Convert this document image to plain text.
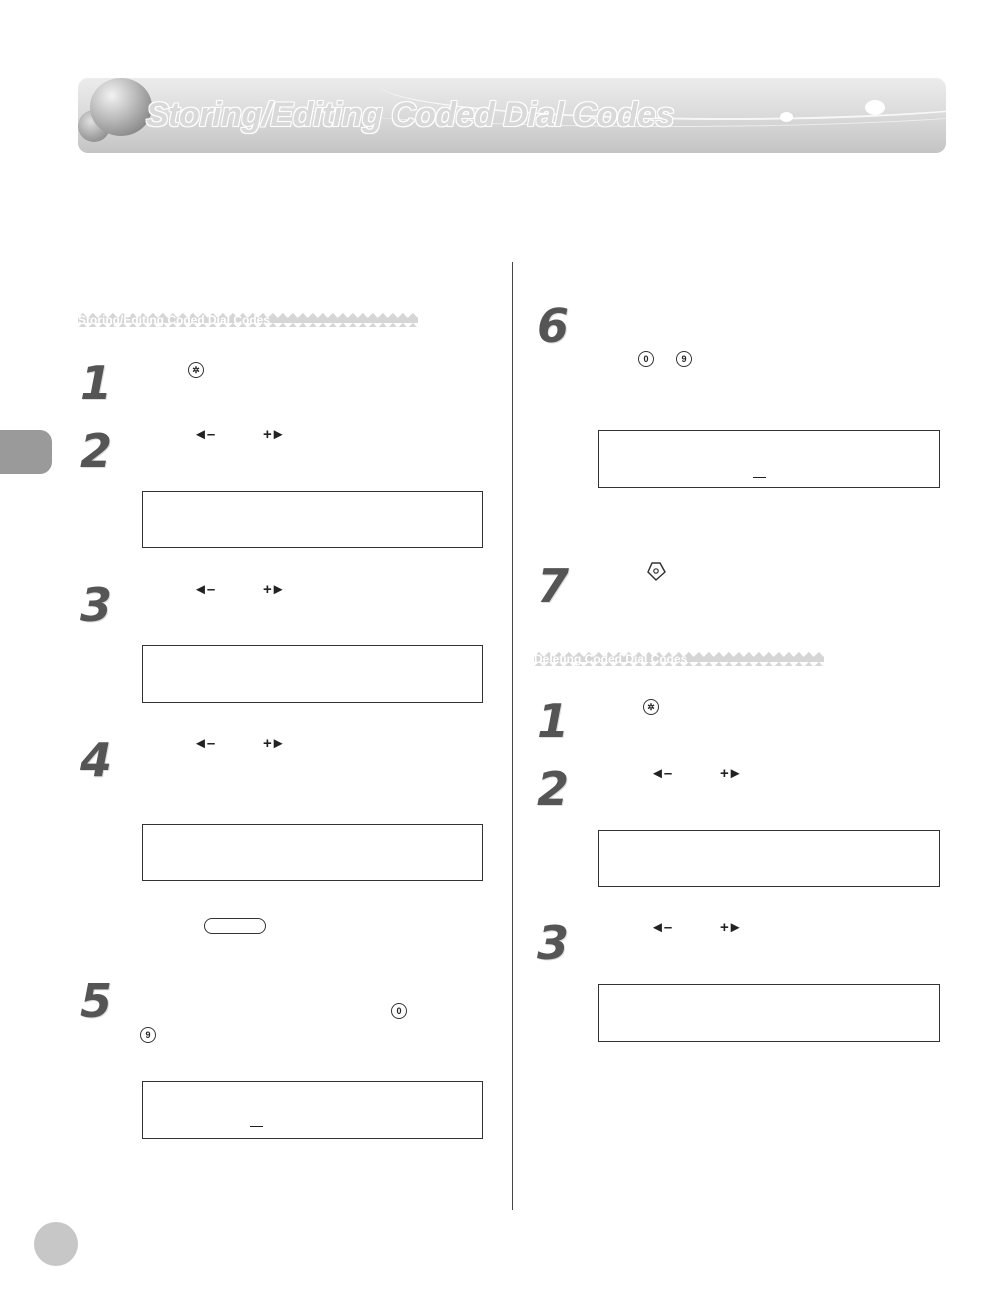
Storing/Editing Coded Dial Codes
Storing/Editing Coded Dial Codes
1	✲
2	◄–	+►
3	◄–	+►
4	◄–	+►
5	0
9
6
0	9
7
Deleting Coded Dial Codes
1	✲
2	◄–	+►
3	◄–	+►
